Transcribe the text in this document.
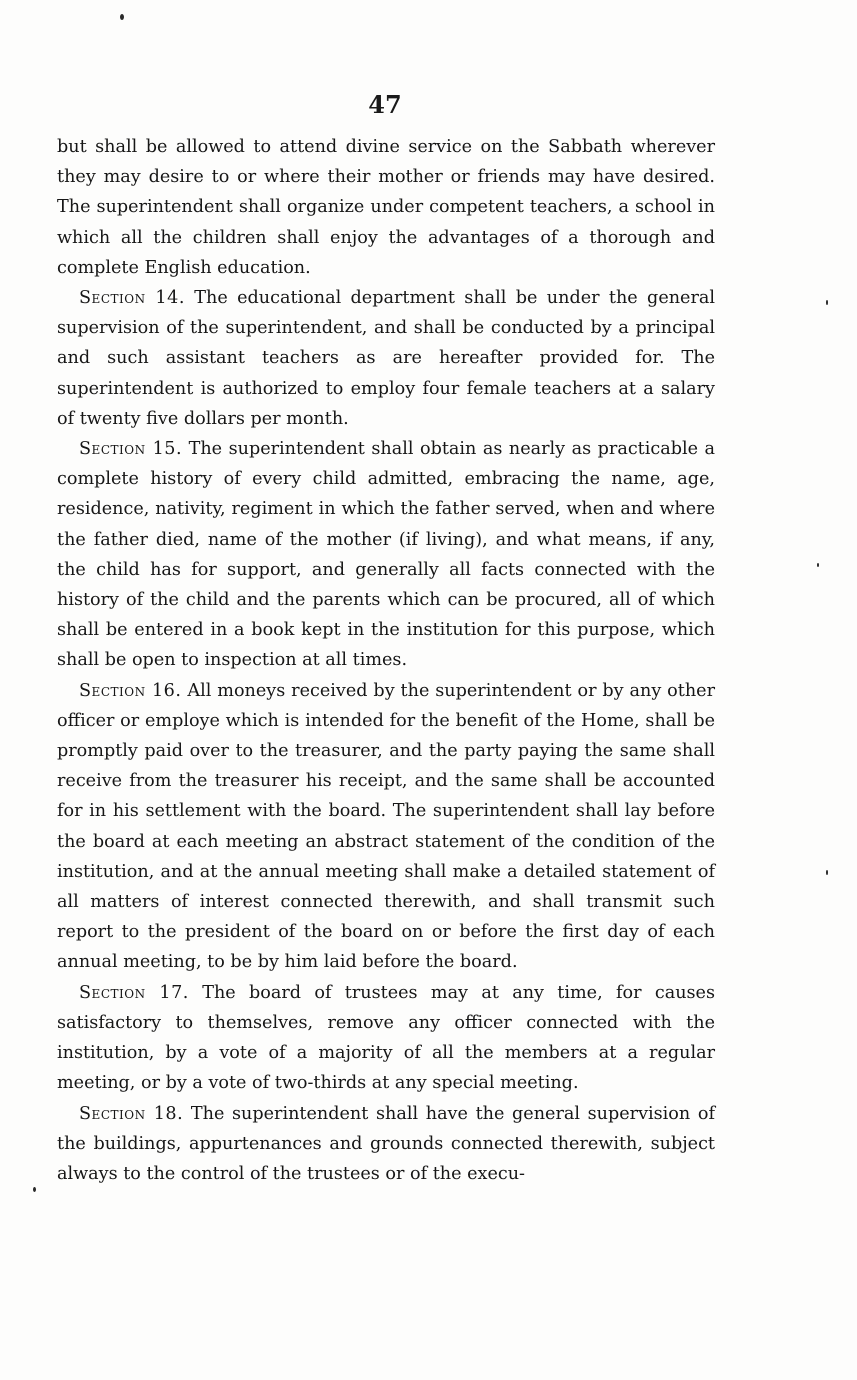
47

but shall be allowed to attend divine service on the Sabbath wherever they may desire to or where their mother or friends may have desired. The superintendent shall organize under competent teachers, a school in which all the children shall enjoy the advantages of a thorough and complete English education.

Section 14. The educational department shall be under the general supervision of the superintendent, and shall be conducted by a principal and such assistant teachers as are hereafter provided for. The superintendent is authorized to employ four female teachers at a salary of twenty five dollars per month.

Section 15. The superintendent shall obtain as nearly as practicable a complete history of every child admitted, embracing the name, age, residence, nativity, regiment in which the father served, when and where the father died, name of the mother (if living), and what means, if any, the child has for support, and generally all facts connected with the history of the child and the parents which can be procured, all of which shall be entered in a book kept in the institution for this purpose, which shall be open to inspection at all times.

Section 16. All moneys received by the superintendent or by any other officer or employe which is intended for the benefit of the Home, shall be promptly paid over to the treasurer, and the party paying the same shall receive from the treasurer his receipt, and the same shall be accounted for in his settlement with the board. The superintendent shall lay before the board at each meeting an abstract statement of the condition of the institution, and at the annual meeting shall make a detailed statement of all matters of interest connected therewith, and shall transmit such report to the president of the board on or before the first day of each annual meeting, to be by him laid before the board.

Section 17. The board of trustees may at any time, for causes satisfactory to themselves, remove any officer connected with the institution, by a vote of a majority of all the members at a regular meeting, or by a vote of two-thirds at any special meeting.

Section 18. The superintendent shall have the general supervision of the buildings, appurtenances and grounds connected therewith, subject always to the control of the trustees or of the execu-
